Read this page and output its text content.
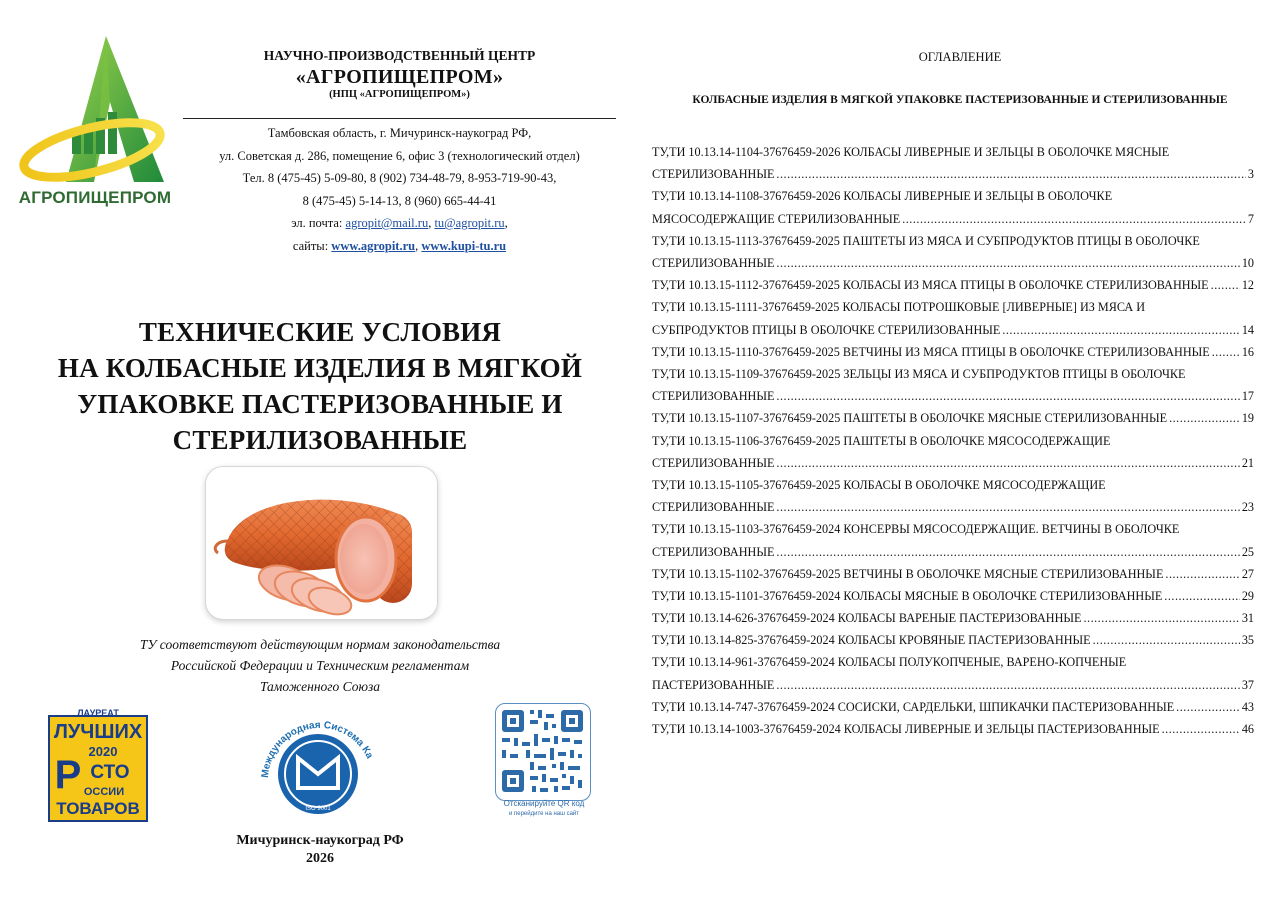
АГРОПИЩЕПРОМ
НАУЧНО-ПРОИЗВОДСТВЕННЫЙ ЦЕНТР
«АГРОПИЩЕПРОМ»
(НПЦ «АГРОПИЩЕПРОМ»)
Тамбовская область, г. Мичуринск-наукоград РФ,
ул. Советская д. 286, помещение 6, офис 3 (технологический отдел)
Тел. 8 (475-45) 5-09-80, 8 (902) 734-48-79, 8-953-719-90-43,
8 (475-45) 5-14-13, 8 (960) 665-44-41
эл. почта: agropit@mail.ru, tu@agropit.ru,
сайты: www.agropit.ru, www.kupi-tu.ru
ТЕХНИЧЕСКИЕ УСЛОВИЯ
НА КОЛБАСНЫЕ ИЗДЕЛИЯ В МЯГКОЙ
УПАКОВКЕ ПАСТЕРИЗОВАННЫЕ И
СТЕРИЛИЗОВАННЫЕ
ТУ соответствуют действующим нормам законодательства
Российской Федерации и Техническим регламентам
Таможенного Союза
ЛАУРЕАТ
ЛУЧШИХ
2020
Р СТО
ОССИИ
ТОВАРОВ
Международная Система Ка
ISO 9001
Отсканируйте QR код
и перейдите на наш сайт
Мичуринск-наукоград РФ
2026
ОГЛАВЛЕНИЕ
КОЛБАСНЫЕ ИЗДЕЛИЯ В МЯГКОЙ УПАКОВКЕ ПАСТЕРИЗОВАННЫЕ И СТЕРИЛИЗОВАННЫЕ
ТУ,ТИ 10.13.14-1104-37676459-2026 КОЛБАСЫ ЛИВЕРНЫЕ И ЗЕЛЬЦЫ В ОБОЛОЧКЕ МЯСНЫЕ
СТЕРИЛИЗОВАННЫЕ .....	3
ТУ,ТИ 10.13.14-1108-37676459-2026 КОЛБАСЫ ЛИВЕРНЫЕ И ЗЕЛЬЦЫ В ОБОЛОЧКЕ
МЯСОСОДЕРЖАЩИЕ СТЕРИЛИЗОВАННЫЕ .....	7
ТУ,ТИ 10.13.15-1113-37676459-2025 ПАШТЕТЫ ИЗ МЯСА И СУБПРОДУКТОВ ПТИЦЫ В ОБОЛОЧКЕ
СТЕРИЛИЗОВАННЫЕ .....	10
ТУ,ТИ 10.13.15-1112-37676459-2025 КОЛБАСЫ ИЗ МЯСА ПТИЦЫ В ОБОЛОЧКЕ СТЕРИЛИЗОВАННЫЕ .....	12
ТУ,ТИ 10.13.15-1111-37676459-2025 КОЛБАСЫ ПОТРОШКОВЫЕ [ЛИВЕРНЫЕ] ИЗ МЯСА И
СУБПРОДУКТОВ ПТИЦЫ В ОБОЛОЧКЕ СТЕРИЛИЗОВАННЫЕ .....	14
ТУ,ТИ 10.13.15-1110-37676459-2025 ВЕТЧИНЫ ИЗ МЯСА ПТИЦЫ В ОБОЛОЧКЕ СТЕРИЛИЗОВАННЫЕ .....	16
ТУ,ТИ 10.13.15-1109-37676459-2025 ЗЕЛЬЦЫ ИЗ МЯСА И СУБПРОДУКТОВ ПТИЦЫ В ОБОЛОЧКЕ
СТЕРИЛИЗОВАННЫЕ .....	17
ТУ,ТИ 10.13.15-1107-37676459-2025 ПАШТЕТЫ В ОБОЛОЧКЕ МЯСНЫЕ СТЕРИЛИЗОВАННЫЕ .....	19
ТУ,ТИ 10.13.15-1106-37676459-2025 ПАШТЕТЫ В ОБОЛОЧКЕ МЯСОСОДЕРЖАЩИЕ
СТЕРИЛИЗОВАННЫЕ .....	21
ТУ,ТИ 10.13.15-1105-37676459-2025 КОЛБАСЫ В ОБОЛОЧКЕ МЯСОСОДЕРЖАЩИЕ
СТЕРИЛИЗОВАННЫЕ .....	23
ТУ,ТИ 10.13.15-1103-37676459-2024 КОНСЕРВЫ МЯСОСОДЕРЖАЩИЕ. ВЕТЧИНЫ В ОБОЛОЧКЕ
СТЕРИЛИЗОВАННЫЕ .....	25
ТУ,ТИ 10.13.15-1102-37676459-2025 ВЕТЧИНЫ В ОБОЛОЧКЕ МЯСНЫЕ СТЕРИЛИЗОВАННЫЕ .....	27
ТУ,ТИ 10.13.15-1101-37676459-2024 КОЛБАСЫ МЯСНЫЕ В ОБОЛОЧКЕ СТЕРИЛИЗОВАННЫЕ .....	29
ТУ,ТИ 10.13.14-626-37676459-2024 КОЛБАСЫ ВАРЕНЫЕ ПАСТЕРИЗОВАННЫЕ .....	31
ТУ,ТИ 10.13.14-825-37676459-2024 КОЛБАСЫ КРОВЯНЫЕ ПАСТЕРИЗОВАННЫЕ .....	35
ТУ,ТИ 10.13.14-961-37676459-2024 КОЛБАСЫ ПОЛУКОПЧЕНЫЕ, ВАРЕНО-КОПЧЕНЫЕ
ПАСТЕРИЗОВАННЫЕ .....	37
ТУ,ТИ 10.13.14-747-37676459-2024 СОСИСКИ, САРДЕЛЬКИ, ШПИКАЧКИ ПАСТЕРИЗОВАННЫЕ .....	43
ТУ,ТИ 10.13.14-1003-37676459-2024 КОЛБАСЫ ЛИВЕРНЫЕ И ЗЕЛЬЦЫ ПАСТЕРИЗОВАННЫЕ .....	46
